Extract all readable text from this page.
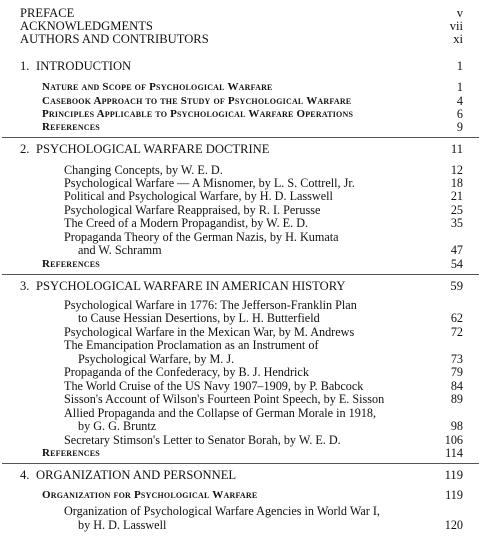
PREFACE	v
ACKNOWLEDGMENTS	vii
AUTHORS AND CONTRIBUTORS	xi
1. INTRODUCTION	1
Nature and Scope of Psychological Warfare	1
Casebook Approach to the Study of Psychological Warfare	4
Principles Applicable to Psychological Warfare Operations	6
References	9
2. PSYCHOLOGICAL WARFARE DOCTRINE	11
Changing Concepts, by W. E. D.	12
Psychological Warfare — A Misnomer, by L. S. Cottrell, Jr.	18
Political and Psychological Warfare, by H. D. Lasswell	21
Psychological Warfare Reappraised, by R. I. Perusse	25
The Creed of a Modern Propagandist, by W. E. D.	35
Propaganda Theory of the German Nazis, by H. Kumata
and W. Schramm	47
References	54
3. PSYCHOLOGICAL WARFARE IN AMERICAN HISTORY	59
Psychological Warfare in 1776: The Jefferson-Franklin Plan
to Cause Hessian Desertions, by L. H. Butterfield	62
Psychological Warfare in the Mexican War, by M. Andrews	72
The Emancipation Proclamation as an Instrument of
Psychological Warfare, by M. J.	73
Propaganda of the Confederacy, by B. J. Hendrick	79
The World Cruise of the US Navy 1907–1909, by P. Babcock	84
Sisson's Account of Wilson's Fourteen Point Speech, by E. Sisson	89
Allied Propaganda and the Collapse of German Morale in 1918,
by G. G. Bruntz	98
Secretary Stimson's Letter to Senator Borah, by W. E. D.	106
References	114
4. ORGANIZATION AND PERSONNEL	119
Organization for Psychological Warfare	119
Organization of Psychological Warfare Agencies in World War I,
by H. D. Lasswell	120
